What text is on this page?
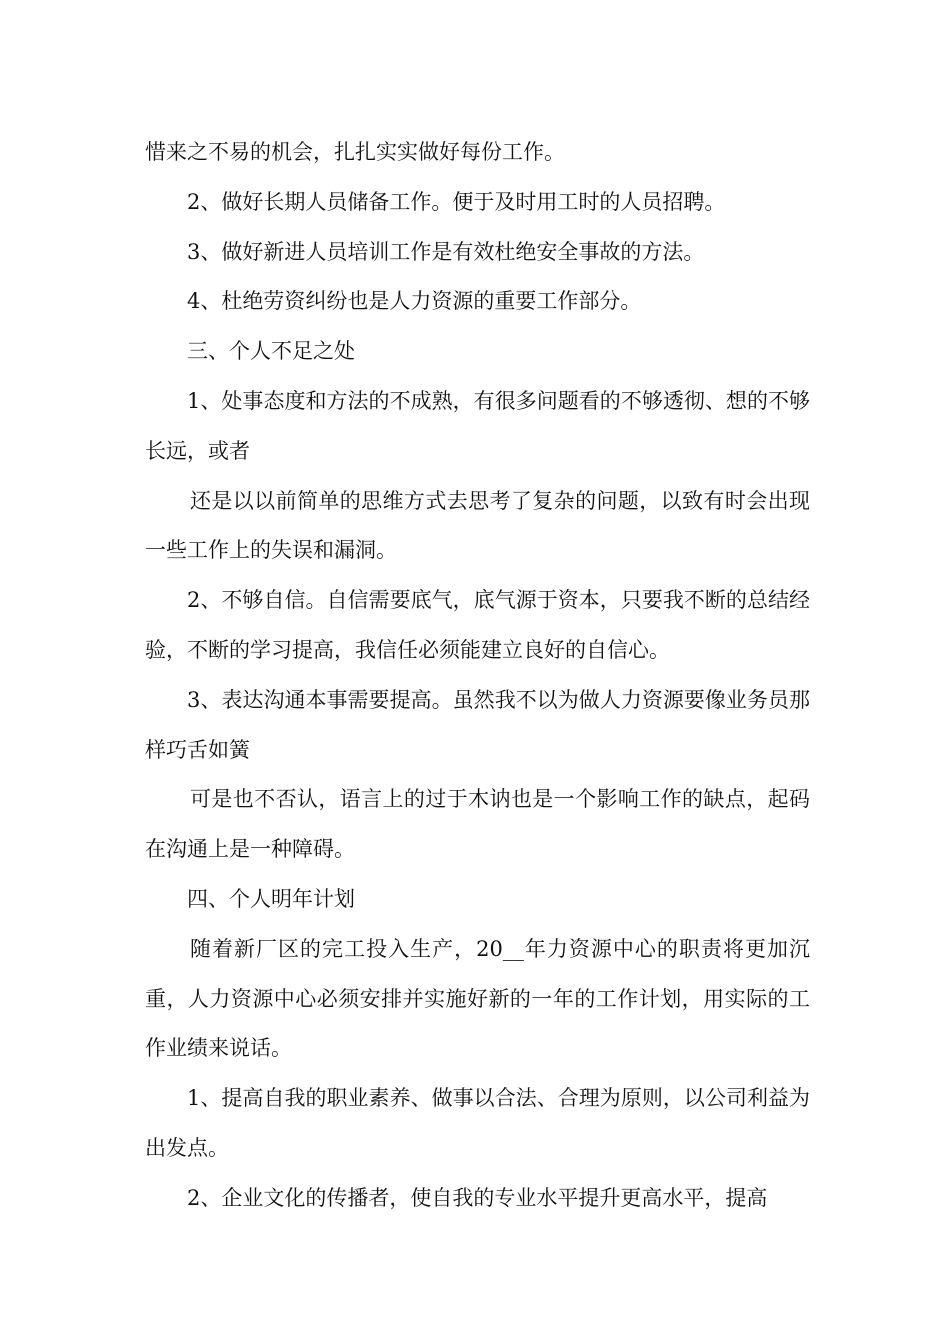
惜来之不易的机会，扎扎实实做好每份工作。

2、做好长期人员储备工作。便于及时用工时的人员招聘。

3、做好新进人员培训工作是有效杜绝安全事故的方法。

4、杜绝劳资纠纷也是人力资源的重要工作部分。

三、个人不足之处

1、处事态度和方法的不成熟，有很多问题看的不够透彻、想的不够长远，或者

还是以以前简单的思维方式去思考了复杂的问题，以致有时会出现一些工作上的失误和漏洞。

2、不够自信。自信需要底气，底气源于资本，只要我不断的总结经验，不断的学习提高，我信任必须能建立良好的自信心。

3、表达沟通本事需要提高。虽然我不以为做人力资源要像业务员那样巧舌如簧

可是也不否认，语言上的过于木讷也是一个影响工作的缺点，起码在沟通上是一种障碍。

四、个人明年计划

随着新厂区的完工投入生产，20__年力资源中心的职责将更加沉重，人力资源中心必须安排并实施好新的一年的工作计划，用实际的工作业绩来说话。

1、提高自我的职业素养、做事以合法、合理为原则，以公司利益为出发点。

2、企业文化的传播者，使自我的专业水平提升更高水平，提高
